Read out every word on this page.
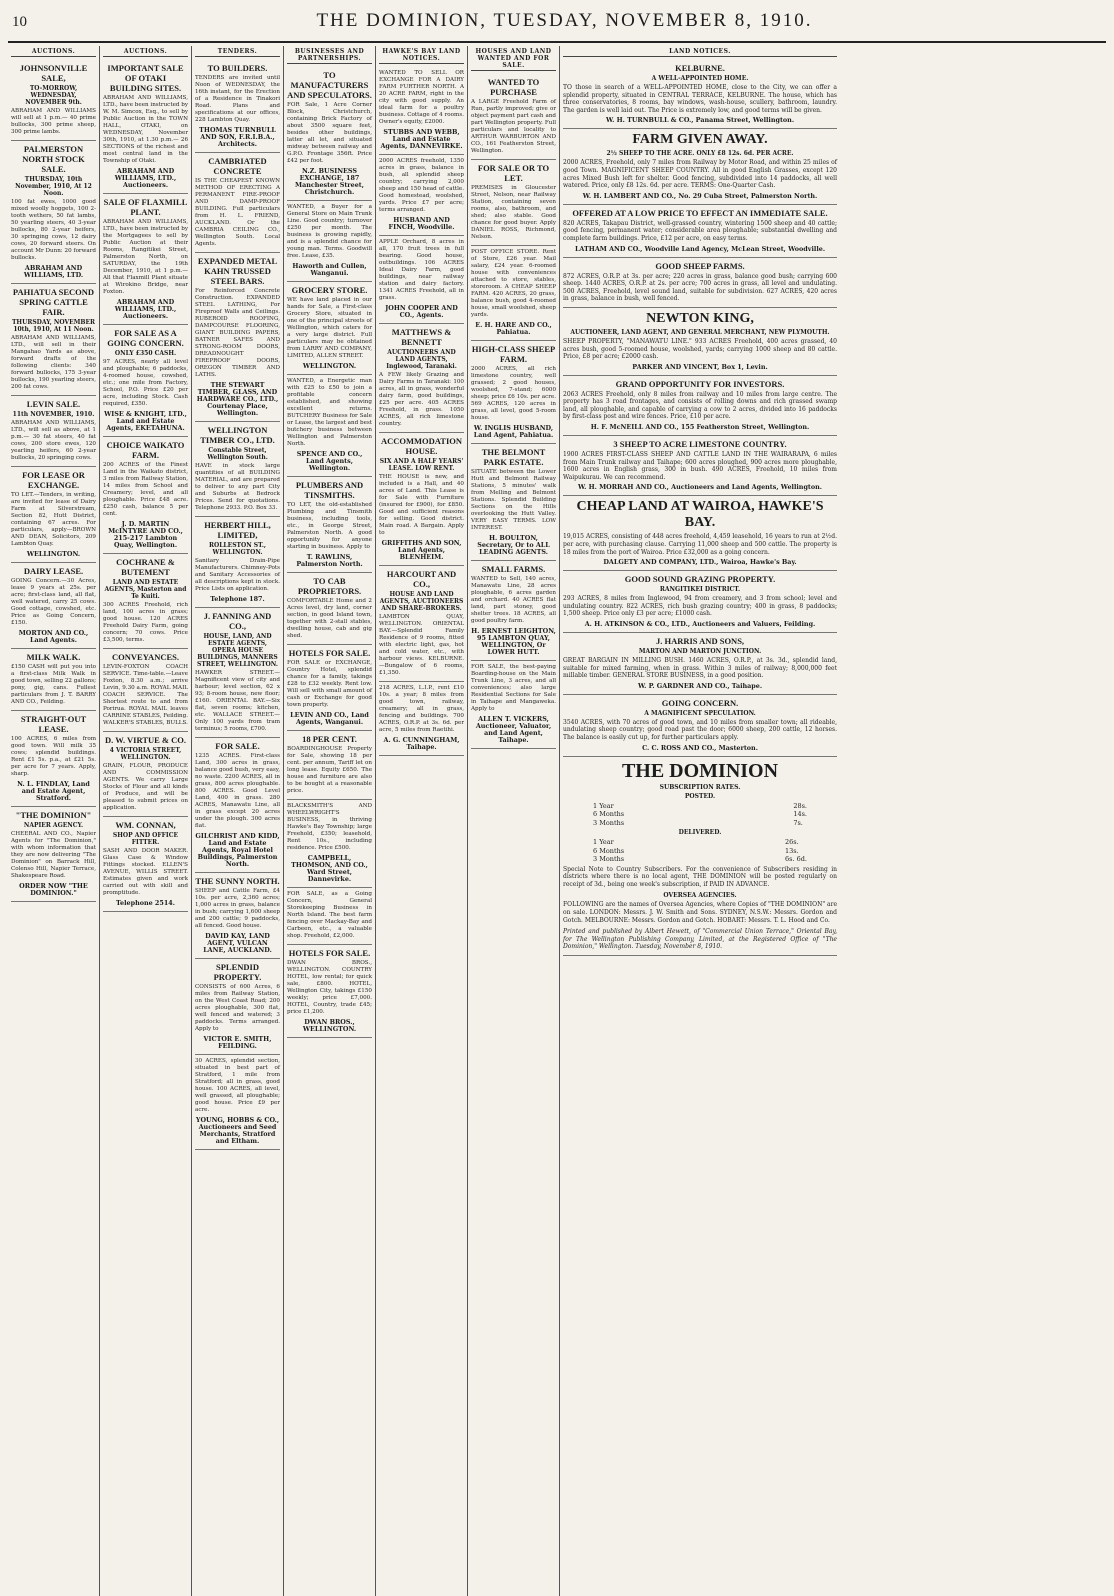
10	THE DOMINION, TUESDAY, NOVEMBER 8, 1910.
AUCTIONS.
JOHNSONVILLE SALE,
TO-MORROW, WEDNESDAY, NOVEMBER 9th.

ABRAHAM AND WILLIAMS will sell at 1 p.m.— 40 prime bullocks, 300 prime sheep, 300 prime lambs.

PALMERSTON NORTH STOCK SALE.
THURSDAY, 10th November, 1910, At 12 Noon.

100 fat ewes, 1000 good mixed woolly hoggets, 100 2-tooth wethers, 50 fat lambs, 50 yearling steers, 40 3-year bullocks, 80 2-year heifers, 30 springing cows, 12 dairy cows, 20 forward steers. On account Mr Dunn: 20 forward bullocks.

ABRAHAM AND WILLIAMS, LTD.
PAHIATUA SECOND SPRING CATTLE FAIR.
THURSDAY, NOVEMBER 10th, 1910, At 11 Noon.

ABRAHAM AND WILLIAMS, LTD., will sell in their Mangahao Yards as above, forward drafts of the following clients: 340 forward bullocks, 175 3-year bullocks, 190 yearling steers, 200 fat cows.

LEVIN SALE.
11th NOVEMBER, 1910.

ABRAHAM AND WILLIAMS, LTD., will sell as above, at 1 p.m.— 30 fat steers, 40 fat cows, 200 store ewes, 120 yearling heifers, 60 2-year bullocks, 20 springing cows.

FOR LEASE OR EXCHANGE.

TO LET.—Tenders, in writing, are invited for lease of Dairy Farm at Silverstream, Section 82, Hutt District, containing 67 acres. For particulars, apply—BROWN AND DEAN, Solicitors, 209 Lambton Quay.

WELLINGTON.
DAIRY LEASE.

GOING Concern.—30 Acres, lease 9 years at 25s. per acre; first-class land, all flat, well watered, carry 25 cows. Good cottage, cowshed, etc. Price as Going Concern, £150.

MORTON AND CO., Land Agents.
MILK WALK.

£150 CASH will put you into a first-class Milk Walk in good town, selling 22 gallons; pony, gig, cans. Fullest particulars from J. T. BARRY AND CO., Feilding.

STRAIGHT-OUT LEASE.

100 ACRES, 6 miles from good town. Will milk 35 cows; splendid buildings. Rent £1 5s. p.a., at £21 5s. per acre for 7 years. Apply, sharp.

N. L. FINDLAY, Land and Estate Agent, Stratford.
"THE DOMINION"
NAPIER AGENCY.

CHEERAL AND CO., Napier Agents for "The Dominion," with whom information that they are now delivering "The Dominion" on Barrack Hill, Colenso Hill, Napier Terrace, Shakespeare Road.

ORDER NOW "THE DOMINION."
AUCTIONS.
IMPORTANT SALE OF OTAKI BUILDING SITES.

ABRAHAM AND WILLIAMS, LTD., have been instructed by W. M. Simcox, Esq., to sell by Public Auction in the TOWN HALL, OTAKI, on WEDNESDAY, November 30th, 1910, at 1.30 p.m.— 26 SECTIONS of the richest and most central land in the Township of Otaki.

ABRAHAM AND WILLIAMS, LTD., Auctioneers.
SALE OF FLAXMILL PLANT.

ABRAHAM AND WILLIAMS, LTD., have been instructed by the Mortgagees to sell by Public Auction at their Rooms, Rangitikei Street, Palmerston North, on SATURDAY, the 19th December, 1910, at 1 p.m.— All that Flaxmill Plant situate at Wirokino Bridge, near Foxton.

ABRAHAM AND WILLIAMS, LTD., Auctioneers.
FOR SALE AS A GOING CONCERN.
ONLY £350 CASH.

97 ACRES, nearly all level and ploughable; 6 paddocks, 4-roomed house, cowshed, etc.; one mile from Factory, School, P.O. Price £20 per acre, including Stock. Cash required, £350.

WISE & KNIGHT, LTD., Land and Estate Agents, EKETAHUNA.
CHOICE WAIKATO FARM.

200 ACRES of the Finest Land in the Waikato district, 3 miles from Railway Station, 14 miles from School and Creamery; level, and all ploughable. Price £48 acre. £250 cash, balance 5 per cent.

J. D. MARTIN McINTYRE AND CO., 215-217 Lambton Quay, Wellington.
COCHRANE & BUTEMENT
LAND AND ESTATE AGENTS, Masterton and Te Kuiti.

300 ACRES Freehold, rich land, 100 acres in grass; good house. 120 ACRES Freehold Dairy Farm, going concern; 70 cows. Price £3,500, terms.

CONVEYANCES.

LEVIN-FOXTON COACH SERVICE. Time-table.—Leave Foxton, 8.30 a.m.; arrive Levin, 9.30 a.m. ROYAL MAIL COACH SERVICE. The Shortest route to and from Porirua. ROYAL MAIL leaves CARRINE STABLES, Feilding. WALKER'S STABLES, BULLS.

D. W. VIRTUE & CO.
4 VICTORIA STREET, WELLINGTON.

GRAIN, FLOUR, PRODUCE AND COMMISSION AGENTS. We carry Large Stocks of Flour and all kinds of Produce, and will be pleased to submit prices on application.

WM. CONNAN,
SHOP AND OFFICE FITTER.

SASH AND DOOR MAKER. Glass Case & Window Fittings stocked. ELLEN'S AVENUE, WILLIS STREET. Estimates given and work carried out with skill and promptitude.

Telephone 2514.
TENDERS.
TO BUILDERS.

TENDERS are invited until Noon of WEDNESDAY, the 16th instant, for the Erection of a Residence in Tinakori Road. Plans and specifications at our offices, 228 Lambton Quay.

THOMAS TURNBULL AND SON, F.R.I.B.A., Architects.
CAMBRIATED CONCRETE

IS THE CHEAPEST KNOWN METHOD OF ERECTING A PERMANENT FIRE-PROOF AND DAMP-PROOF BUILDING. Full particulars from H. L. FRIEND, AUCKLAND. Or the CAMBRIA CEILING CO., Wellington South. Local Agents.

EXPANDED METAL KAHN TRUSSED STEEL BARS.

For Reinforced Concrete Construction. EXPANDED STEEL LATHING, For Fireproof Walls and Ceilings. RUBEROID ROOFING, DAMPCOURSE FLOORING, GIANT BUILDING PAPERS, BATNER SAFES AND STRONG-ROOM DOORS, DREADNOUGHT FIREPROOF DOORS, OREGON TIMBER AND LATHS.

THE STEWART TIMBER, GLASS, AND HARDWARE CO., LTD., Courtenay Place, Wellington.
WELLINGTON TIMBER CO., LTD.
Constable Street, Wellington South.

HAVE in stock large quantities of all BUILDING MATERIAL, and are prepared to deliver to any part City and Suburbs at Bedrock Prices. Send for quotations. Telephone 2933. P.O. Box 33.

HERBERT HILL, LIMITED,
ROLLESTON ST., WELLINGTON.

Sanitary Drain-Pipe Manufacturers. Chimney-Pots and Sanitary Accessories of all descriptions kept in stock. Price Lists on application.

Telephone 187.
J. FANNING AND CO.,
HOUSE, LAND, AND ESTATE AGENTS, OPERA HOUSE BUILDINGS, MANNERS STREET, WELLINGTON.

HAWKER STREET.—Magnificent view of city and harbour; level section, 62 x 93; 8-room house, new floor; £160. ORIENTAL BAY.—Six flat, seven rooms; kitchen, etc. WALLACE STREET.—Only 100 yards from tram terminus; 5 rooms, £700.

FOR SALE.

1235 ACRES. First-class Land, 300 acres in grass, balance good bush, very easy, no waste. 2200 ACRES, all in grass, 800 acres ploughable. 800 ACRES. Good Level Land, 400 in grass. 280 ACRES, Manawatu Line, all in grass except 20 acres under the plough. 300 acres flat.

GILCHRIST AND KIDD, Land and Estate Agents, Royal Hotel Buildings, Palmerston North.
THE SUNNY NORTH.

SHEEP and Cattle Farm, £4 10s. per acre, 2,360 acres; 1,000 acres in grass, balance in bush; carrying 1,600 sheep and 200 cattle; 9 paddocks, all fenced. Good house.

DAVID KAY, LAND AGENT, VULCAN LANE, AUCKLAND.
SPLENDID PROPERTY.

CONSISTS of 600 Acres, 6 miles from Railway Station, on the West Coast Road; 200 acres ploughable, 300 flat, well fenced and watered; 3 paddocks. Terms arranged. Apply to

VICTOR E. SMITH, FEILDING.

30 ACRES, splendid section, situated in best part of Stratford, 1 mile from Stratford; all in grass, good house. 100 ACRES, all level, well grassed, all ploughable; good house. Price £9 per acre.

YOUNG, HOBBS & CO., Auctioneers and Seed Merchants, Stratford and Eltham.
BUSINESSES AND PARTNERSHIPS.
TO MANUFACTURERS AND SPECULATORS.

FOR Sale, 1 Acre Corner Block, Christchurch, containing Brick Factory of about 3500 square feet, besides other buildings, latter all let, and situated midway between railway and G.P.O. Frontage 356ft. Price £42 per foot.

N.Z. BUSINESS EXCHANGE, 187 Manchester Street, Christchurch.

WANTED, a Buyer for a General Store on Main Trunk Line. Good country; turnover £250 per month. The business is growing rapidly, and is a splendid chance for young man. Terms. Goodwill free. Lease, £35.

Haworth and Cullen, Wanganui.
GROCERY STORE.

WE have land placed in our hands for Sale, a First-class Grocery Store, situated in one of the principal streets of Wellington, which caters for a very large district. Full particulars may be obtained from LARRY AND COMPANY, LIMITED, ALLEN STREET.

WELLINGTON.

WANTED, a Energetic man with £25 to £50 to join a profitable concern established, and showing excellent returns. BUTCHERY Business for Sale or Lease, the largest and best butchery business between Wellington and Palmerston North.

SPENCE AND CO., Land Agents, Wellington.
PLUMBERS AND TINSMITHS.

TO LET, the old-established Plumbing and Tinsmith business, including tools, etc., in George Street, Palmerston North. A good opportunity for anyone starting in business. Apply to

T. RAWLINS, Palmerston North.
TO CAB PROPRIETORS.

COMFORTABLE Home and 2 Acres level, dry land, corner section, in good Island town, together with 2-stall stables, dwelling house, cab and gig shed.

HOTELS FOR SALE.

FOR SALE or EXCHANGE, Country Hotel, splendid chance for a family, takings £28 to £32 weekly. Rent low. Will sell with small amount of cash or Exchange for good town property.

LEVIN AND CO., Land Agents, Wanganui.
18 PER CENT.

BOARDINGHOUSE Property for Sale, showing 18 per cent. per annum, Tariff let on long lease. Equity £650. The house and furniture are also to be bought at a reasonable price.

BLACKSMITH'S AND WHEELWRIGHT'S BUSINESS, in thriving Hawke's Bay Township; large Freehold, £350; leasehold, Rent 10s., including residence. Price £500.

CAMPBELL, THOMSON, AND CO., Ward Street, Dannevirke.

FOR SALE, as a Going Concern, General Storekeeping Business in North Island. The best farm fencing over Mackay-Bay and Carbeen, etc., a valuable shop. Freehold, £2,000.

HOTELS FOR SALE.

DWAN BROS., WELLINGTON. COUNTRY HOTEL, low rental; for quick sale, £800. HOTEL, Wellington City, takings £150 weekly; price £7,000. HOTEL, Country, trade £45; price £1,200.

DWAN BROS., WELLINGTON.
HAWKE'S BAY LAND NOTICES.

WANTED TO SELL OR EXCHANGE FOR A DAIRY FARM FURTHER NORTH. A 20 ACRE FARM, right in the city with good supply. An ideal farm for a poultry business. Cottage of 4 rooms. Owner's equity, £2000.

STUBBS AND WEBB, Land and Estate Agents, DANNEVIRKE.

2000 ACRES freehold, 1350 acres in grass, balance in bush, all splendid sheep country; carrying 2,000 sheep and 150 head of cattle. Good homestead, woolshed, yards. Price £7 per acre; terms arranged.

HUSBAND AND FINCH, Woodville.

APPLE Orchard, 8 acres in all, 170 fruit trees in full bearing. Good house, outbuildings. 106 ACRES Ideal Dairy Farm, good buildings, near railway station and dairy factory. 1341 ACRES Freehold, all in grass.

JOHN COOPER AND CO., Agents.
MATTHEWS & BENNETT
AUCTIONEERS AND LAND AGENTS, Inglewood, Taranaki.

A FEW likely Grazing and Dairy Farms in Taranaki: 100 acres, all in grass, wonderful dairy farm, good buildings, £25 per acre. 405 ACRES Freehold, in grass. 1050 ACRES, all rich limestone country.

ACCOMMODATION HOUSE.
SIX AND A HALF YEARS' LEASE. LOW RENT.

THE HOUSE is new, and included is a Hall, and 40 acres of Land. This Lease is for Sale with Furniture (insured for £900), for £850. Good and sufficient reasons for selling. Good district. Main road. A Bargain. Apply to

GRIFFITHS AND SON, Land Agents, BLENHEIM.
HARCOURT AND CO.,
HOUSE AND LAND AGENTS, AUCTIONEERS AND SHARE-BROKERS.

LAMBTON QUAY, WELLINGTON. ORIENTAL BAY.—Splendid Family Residence of 9 rooms, fitted with electric light, gas, hot and cold water, etc., with harbour views. KELBURNE.—Bungalow of 6 rooms, £1,350.

218 ACRES, L.I.P., rent £10 10s. a year; 8 miles from good town, railway, creamery; all in grass, fencing and buildings. 700 ACRES, O.R.P. at 3s. 6d. per acre, 5 miles from Raetihi.

A. G. CUNNINGHAM, Taihape.
HOUSES AND LAND WANTED AND FOR SALE.
WANTED TO PURCHASE

A LARGE Freehold Farm of Run, partly improved; give or object payment part cash and part Wellington property. Full particulars and locality to ARTHUR WARBURTON AND CO., 161 Featherston Street, Wellington.

FOR SALE OR TO LET.

PREMISES in Gloucester Street, Nelson, near Railway Station, containing seven rooms, also, bathroom, and shed; also stable. Good chance for good buyer. Apply DANIEL ROSS, Richmond, Nelson.

POST OFFICE STORE. Rent of Store, £26 year. Mail salary, £24 year. 6-roomed house with conveniences attached to store, stables, storeroom. A CHEAP SHEEP FARM. 420 ACRES, 20 grass, balance bush, good 4-roomed house, small woolshed, sheep yards.

E. H. HARE AND CO., Pahiatua.
HIGH-CLASS SHEEP FARM.

2000 ACRES, all rich limestone country, well grassed; 2 good houses, woolshed, 7-stand; 6000 sheep; price £6 10s. per acre. 569 ACRES, 120 acres in grass, all level, good 5-room house.

W. INGLIS HUSBAND, Land Agent, Pahiatua.
THE BELMONT PARK ESTATE.

SITUATE between the Lower Hutt and Belmont Railway Stations, 5 minutes' walk from Melling and Belmont Stations. Splendid Building Sections on the Hills overlooking the Hutt Valley. VERY EASY TERMS. LOW INTEREST.

H. BOULTON, Secretary, Or to ALL LEADING AGENTS.
SMALL FARMS.

WANTED to Sell, 140 acres, Manawatu Line, 28 acres ploughable, 6 acres garden and orchard. 40 ACRES flat land, part stoney, good shelter trees. 18 ACRES, all good poultry farm.

H. ERNEST LEIGHTON, 95 LAMBTON QUAY, WELLINGTON, Or LOWER HUTT.

FOR SALE, the best-paying Boarding-house on the Main Trunk Line, 3 acres, and all conveniences; also large Residential Sections for Sale in Taihape and Mangaweka. Apply to

ALLEN T. VICKERS, Auctioneer, Valuator, and Land Agent, Taihape.
LAND NOTICES.
KELBURNE.
A WELL-APPOINTED HOME.

TO those in search of a WELL-APPOINTED HOME, close to the City, we can offer a splendid property, situated in CENTRAL TERRACE, KELBURNE. The house, which has three conservatories, 8 rooms, bay windows, wash-house, scullery, bathroom, laundry. The garden is well laid out. The Price is extremely low, and good terms will be given.

W. H. TURNBULL & CO., Panama Street, Wellington.
FARM GIVEN AWAY.
2½ SHEEP TO THE ACRE. ONLY £8 12s. 6d. PER ACRE.

2000 ACRES, Freehold, only 7 miles from Railway by Motor Road, and within 25 miles of good Town. MAGNIFICENT SHEEP COUNTRY. All in good English Grasses, except 120 acres Mixed Bush left for shelter. Good fencing, subdivided into 14 paddocks, all well watered. Price, only £8 12s. 6d. per acre. TERMS: One-Quarter Cash.

W. H. LAMBERT AND CO., No. 29 Cuba Street, Palmerston North.
OFFERED AT A LOW PRICE TO EFFECT AN IMMEDIATE SALE.

820 ACRES, Takapau District, well-grassed country, wintering 1500 sheep and 40 cattle; good fencing, permanent water; considerable area ploughable; substantial dwelling and complete farm buildings. Price, £12 per acre, on easy terms.

LATHAM AND CO., Woodville Land Agency, McLean Street, Woodville.
GOOD SHEEP FARMS.

872 ACRES, O.R.P. at 3s. per acre; 220 acres in grass, balance good bush; carrying 600 sheep. 1440 ACRES, O.R.P. at 2s. per acre; 700 acres in grass, all level and undulating. 500 ACRES, Freehold, level sound land, suitable for subdivision. 627 ACRES, 420 acres in grass, balance in bush, well fenced.

NEWTON KING,
AUCTIONEER, LAND AGENT, AND GENERAL MERCHANT, NEW PLYMOUTH.

SHEEP PROPERTY, "MANAWATU LINE." 933 ACRES Freehold, 400 acres grassed, 40 acres bush, good 5-roomed house, woolshed, yards; carrying 1000 sheep and 80 cattle. Price, £8 per acre; £2000 cash.

PARKER AND VINCENT, Box 1, Levin.
GRAND OPPORTUNITY FOR INVESTORS.

2063 ACRES Freehold, only 8 miles from railway and 10 miles from large centre. The property has 3 road frontages, and consists of rolling downs and rich grassed swamp land, all ploughable, and capable of carrying a cow to 2 acres, divided into 16 paddocks by first-class post and wire fences. Price, £10 per acre.

H. F. McNEILL AND CO., 155 Featherston Street, Wellington.
3 SHEEP TO ACRE LIMESTONE COUNTRY.

1900 ACRES FIRST-CLASS SHEEP AND CATTLE LAND IN THE WAIRARAPA, 6 miles from Main Trunk railway and Taihape; 600 acres ploughed, 900 acres more ploughable, 1600 acres in English grass, 300 in bush. 490 ACRES, Freehold, 10 miles from Waipukurau. We can recommend.

W. H. MORRAH AND CO., Auctioneers and Land Agents, Wellington.
CHEAP LAND AT WAIROA, HAWKE'S BAY.

19,015 ACRES, consisting of 448 acres freehold, 4,459 leasehold, 16 years to run at 2½d. per acre, with purchasing clause. Carrying 11,000 sheep and 500 cattle. The property is 18 miles from the port of Wairoa. Price £32,000 as a going concern.

DALGETY AND COMPANY, LTD., Wairoa, Hawke's Bay.
GOOD SOUND GRAZING PROPERTY.
RANGITIKEI DISTRICT.

293 ACRES, 8 miles from Inglewood, 94 from creamery, and 3 from school; level and undulating country. 822 ACRES, rich bush grazing country; 400 in grass, 8 paddocks; 1,500 sheep. Price only £3 per acre; £1000 cash.

A. H. ATKINSON & CO., LTD., Auctioneers and Valuers, Feilding.
J. HARRIS AND SONS,
MARTON AND MARTON JUNCTION.

GREAT BARGAIN IN MILLING BUSH. 1460 ACRES, O.R.P., at 3s. 3d., splendid land, suitable for mixed farming, when in grass. Within 3 miles of railway; 8,000,000 feet millable timber. GENERAL STORE BUSINESS, in a good position.

W. P. GARDNER AND CO., Taihape.
GOING CONCERN.
A MAGNIFICENT SPECULATION.

3540 ACRES, with 70 acres of good town, and 10 miles from smaller town; all rideable, undulating sheep country; good road past the door; 6000 sheep, 200 cattle, 12 horses. The balance is easily cut up, for further particulars apply.

C. C. ROSS AND CO., Masterton.
THE DOMINION
SUBSCRIPTION RATES.
POSTED.
1 Year	28s.
6 Months	14s.
3 Months	7s.
DELIVERED.
1 Year	26s.
6 Months	13s.
3 Months	6s. 6d.

Special Note to Country Subscribers. For the convenience of Subscribers residing in districts where there is no local agent, THE DOMINION will be posted regularly on receipt of 3d., being one week's subscription, if PAID IN ADVANCE.

OVERSEA AGENCIES.

FOLLOWING are the names of Oversea Agencies, where Copies of "THE DOMINION" are on sale. LONDON: Messrs. J. W. Smith and Sons. SYDNEY, N.S.W.: Messrs. Gordon and Gotch. MELBOURNE: Messrs. Gordon and Gotch. HOBART: Messrs. T. L. Hood and Co.

Printed and published by Albert Hewett, of "Commercial Union Terrace," Oriental Bay, for The Wellington Publishing Company, Limited, at the Registered Office of "The Dominion," Wellington. Tuesday, November 8, 1910.
